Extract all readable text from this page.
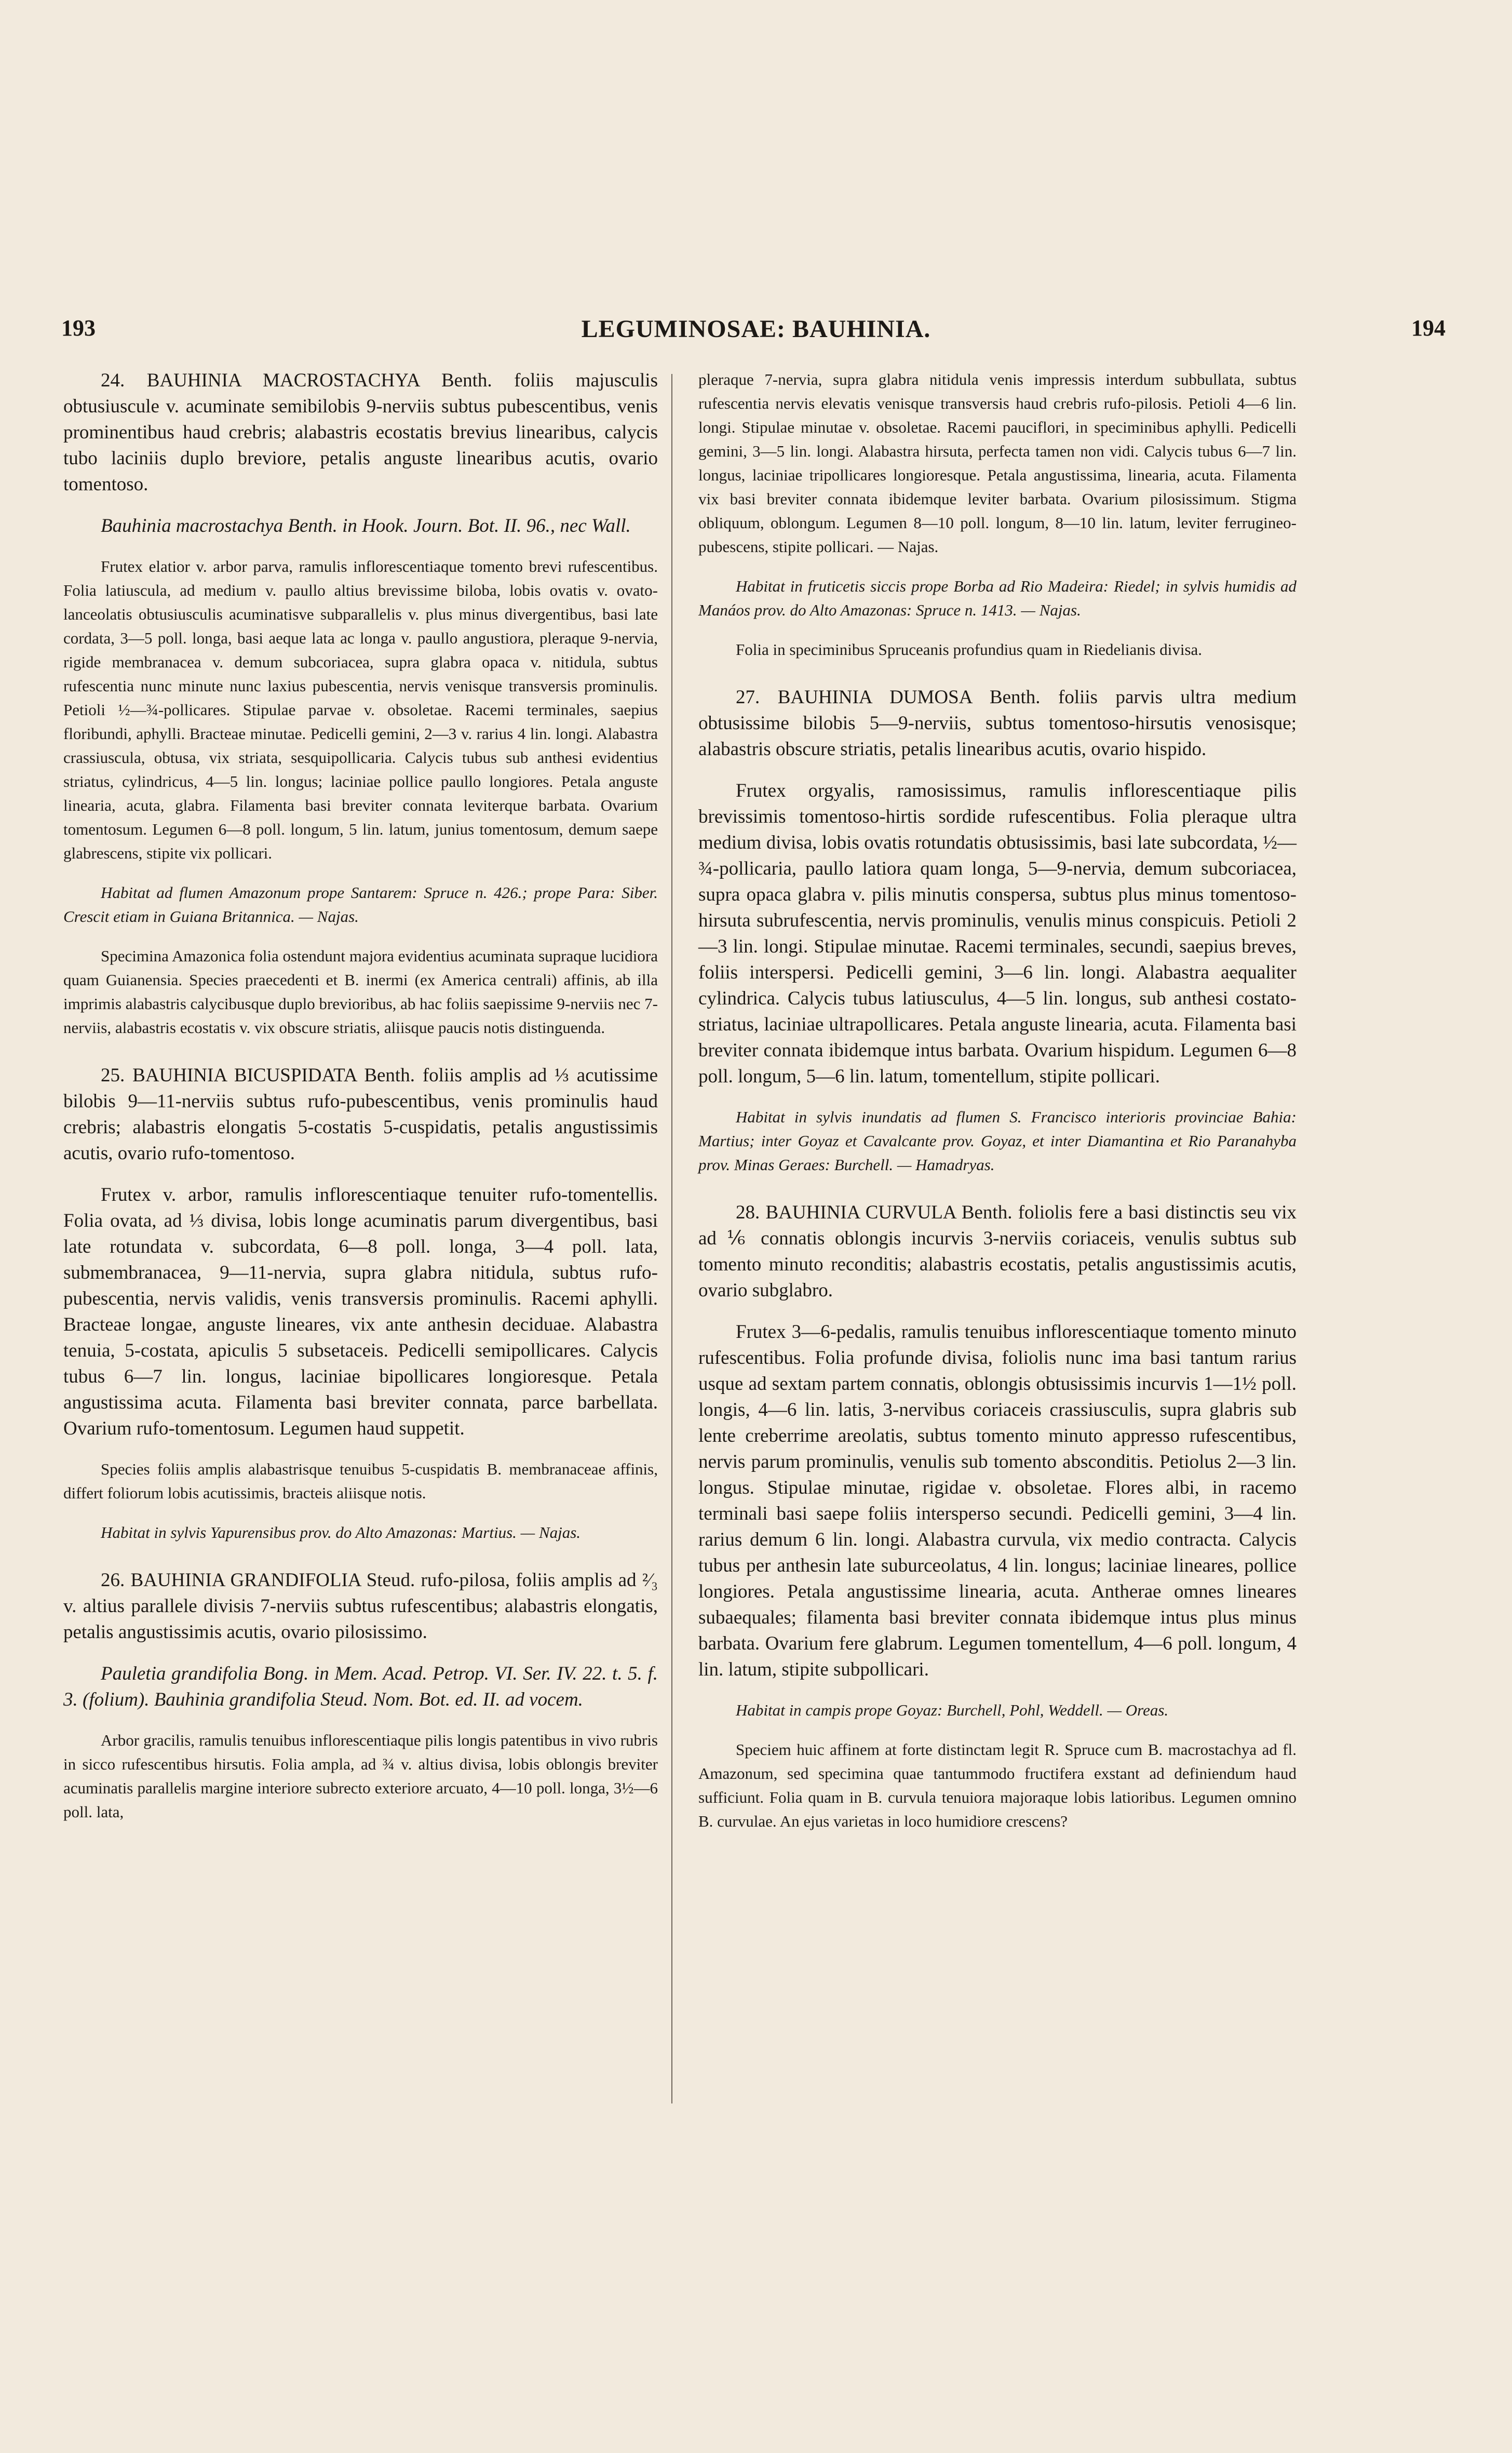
193	LEGUMINOSAE: BAUHINIA.	194

24. BAUHINIA MACROSTACHYA Benth. foliis majusculis obtusiuscule v. acuminate semibilobis 9-nerviis subtus pubescentibus, venis prominentibus haud crebris; alabastris ecostatis brevius linearibus, calycis tubo laciniis duplo breviore, petalis anguste linearibus acutis, ovario tomentoso.

Bauhinia macrostachya Benth. in Hook. Journ. Bot. II. 96., nec Wall.

Frutex elatior v. arbor parva, ramulis inflorescentiaque tomento brevi rufescentibus. Folia latiuscula, ad medium v. paullo altius brevissime biloba, lobis ovatis v. ovato-lanceolatis obtusiusculis acuminatisve subparallelis v. plus minus divergentibus, basi late cordata, 3—5 poll. longa, basi aeque lata ac longa v. paullo angustiora, pleraque 9-nervia, rigide membranacea v. demum subcoriacea, supra glabra opaca v. nitidula, subtus rufescentia nunc minute nunc laxius pubescentia, nervis venisque transversis prominulis. Petioli ½—¾-pollicares. Stipulae parvae v. obsoletae. Racemi terminales, saepius floribundi, aphylli. Bracteae minutae. Pedicelli gemini, 2—3 v. rarius 4 lin. longi. Alabastra crassiuscula, obtusa, vix striata, sesquipollicaria. Calycis tubus sub anthesi evidentius striatus, cylindricus, 4—5 lin. longus; laciniae pollice paullo longiores. Petala anguste linearia, acuta, glabra. Filamenta basi breviter connata leviterque barbata. Ovarium tomentosum. Legumen 6—8 poll. longum, 5 lin. latum, junius tomentosum, demum saepe glabrescens, stipite vix pollicari.

Habitat ad flumen Amazonum prope Santarem: Spruce n. 426.; prope Para: Siber. Crescit etiam in Guiana Britannica. — Najas.

Specimina Amazonica folia ostendunt majora evidentius acuminata supraque lucidiora quam Guianensia. Species praecedenti et B. inermi (ex America centrali) affinis, ab illa imprimis alabastris calycibusque duplo brevioribus, ab hac foliis saepissime 9-nerviis nec 7-nerviis, alabastris ecostatis v. vix obscure striatis, aliisque paucis notis distinguenda.

25. BAUHINIA BICUSPIDATA Benth. foliis amplis ad ⅓ acutissime bilobis 9—11-nerviis subtus rufo-pubescentibus, venis prominulis haud crebris; alabastris elongatis 5-costatis 5-cuspidatis, petalis angustissimis acutis, ovario rufo-tomentoso.

Frutex v. arbor, ramulis inflorescentiaque tenuiter rufo-tomentellis. Folia ovata, ad ⅓ divisa, lobis longe acuminatis parum divergentibus, basi late rotundata v. subcordata, 6—8 poll. longa, 3—4 poll. lata, submembranacea, 9—11-nervia, supra glabra nitidula, subtus rufo-pubescentia, nervis validis, venis transversis prominulis. Racemi aphylli. Bracteae longae, anguste lineares, vix ante anthesin deciduae. Alabastra tenuia, 5-costata, apiculis 5 subsetaceis. Pedicelli semipollicares. Calycis tubus 6—7 lin. longus, laciniae bipollicares longioresque. Petala angustissima acuta. Filamenta basi breviter connata, parce barbellata. Ovarium rufo-tomentosum. Legumen haud suppetit.

Species foliis amplis alabastrisque tenuibus 5-cuspidatis B. membranaceae affinis, differt foliorum lobis acutissimis, bracteis aliisque notis.

Habitat in sylvis Yapurensibus prov. do Alto Amazonas: Martius. — Najas.

26. BAUHINIA GRANDIFOLIA Steud. rufo-pilosa, foliis amplis ad ²⁄₃ v. altius parallele divisis 7-nerviis subtus rufescentibus; alabastris elongatis, petalis angustissimis acutis, ovario pilosissimo.

Pauletia grandifolia Bong. in Mem. Acad. Petrop. VI. Ser. IV. 22. t. 5. f. 3. (folium). Bauhinia grandifolia Steud. Nom. Bot. ed. II. ad vocem.

Arbor gracilis, ramulis tenuibus inflorescentiaque pilis longis patentibus in vivo rubris in sicco rufescentibus hirsutis. Folia ampla, ad ¾ v. altius divisa, lobis oblongis breviter acuminatis parallelis margine interiore subrecto exteriore arcuato, 4—10 poll. longa, 3½—6 poll. lata,

pleraque 7-nervia, supra glabra nitidula venis impressis interdum subbullata, subtus rufescentia nervis elevatis venisque transversis haud crebris rufo-pilosis. Petioli 4—6 lin. longi. Stipulae minutae v. obsoletae. Racemi pauciflori, in speciminibus aphylli. Pedicelli gemini, 3—5 lin. longi. Alabastra hirsuta, perfecta tamen non vidi. Calycis tubus 6—7 lin. longus, laciniae tripollicares longioresque. Petala angustissima, linearia, acuta. Filamenta vix basi breviter connata ibidemque leviter barbata. Ovarium pilosissimum. Stigma obliquum, oblongum. Legumen 8—10 poll. longum, 8—10 lin. latum, leviter ferrugineo-pubescens, stipite pollicari. — Najas.

Habitat in fruticetis siccis prope Borba ad Rio Madeira: Riedel; in sylvis humidis ad Manáos prov. do Alto Amazonas: Spruce n. 1413. — Najas.

Folia in speciminibus Spruceanis profundius quam in Riedelianis divisa.

27. BAUHINIA DUMOSA Benth. foliis parvis ultra medium obtusissime bilobis 5—9-nerviis, subtus tomentoso-hirsutis venosisque; alabastris obscure striatis, petalis linearibus acutis, ovario hispido.

Frutex orgyalis, ramosissimus, ramulis inflorescentiaque pilis brevissimis tomentoso-hirtis sordide rufescentibus. Folia pleraque ultra medium divisa, lobis ovatis rotundatis obtusissimis, basi late subcordata, ½—¾-pollicaria, paullo latiora quam longa, 5—9-nervia, demum subcoriacea, supra opaca glabra v. pilis minutis conspersa, subtus plus minus tomentoso-hirsuta subrufescentia, nervis prominulis, venulis minus conspicuis. Petioli 2—3 lin. longi. Stipulae minutae. Racemi terminales, secundi, saepius breves, foliis interspersi. Pedicelli gemini, 3—6 lin. longi. Alabastra aequaliter cylindrica. Calycis tubus latiusculus, 4—5 lin. longus, sub anthesi costato-striatus, laciniae ultrapollicares. Petala anguste linearia, acuta. Filamenta basi breviter connata ibidemque intus barbata. Ovarium hispidum. Legumen 6—8 poll. longum, 5—6 lin. latum, tomentellum, stipite pollicari.

Habitat in sylvis inundatis ad flumen S. Francisco interioris provinciae Bahia: Martius; inter Goyaz et Cavalcante prov. Goyaz, et inter Diamantina et Rio Paranahyba prov. Minas Geraes: Burchell. — Hamadryas.

28. BAUHINIA CURVULA Benth. foliolis fere a basi distinctis seu vix ad ⅙ connatis oblongis incurvis 3-nerviis coriaceis, venulis subtus sub tomento minuto reconditis; alabastris ecostatis, petalis angustissimis acutis, ovario subglabro.

Frutex 3—6-pedalis, ramulis tenuibus inflorescentiaque tomento minuto rufescentibus. Folia profunde divisa, foliolis nunc ima basi tantum rarius usque ad sextam partem connatis, oblongis obtusissimis incurvis 1—1½ poll. longis, 4—6 lin. latis, 3-nervibus coriaceis crassiusculis, supra glabris sub lente creberrime areolatis, subtus tomento minuto appresso rufescentibus, nervis parum prominulis, venulis sub tomento absconditis. Petiolus 2—3 lin. longus. Stipulae minutae, rigidae v. obsoletae. Flores albi, in racemo terminali basi saepe foliis intersperso secundi. Pedicelli gemini, 3—4 lin. rarius demum 6 lin. longi. Alabastra curvula, vix medio contracta. Calycis tubus per anthesin late suburceolatus, 4 lin. longus; laciniae lineares, pollice longiores. Petala angustissime linearia, acuta. Antherae omnes lineares subaequales; filamenta basi breviter connata ibidemque intus plus minus barbata. Ovarium fere glabrum. Legumen tomentellum, 4—6 poll. longum, 4 lin. latum, stipite subpollicari.

Habitat in campis prope Goyaz: Burchell, Pohl, Weddell. — Oreas.

Speciem huic affinem at forte distinctam legit R. Spruce cum B. macrostachya ad fl. Amazonum, sed specimina quae tantummodo fructifera exstant ad definiendum haud sufficiunt. Folia quam in B. curvula tenuiora majoraque lobis latioribus. Legumen omnino B. curvulae. An ejus varietas in loco humidiore crescens?
